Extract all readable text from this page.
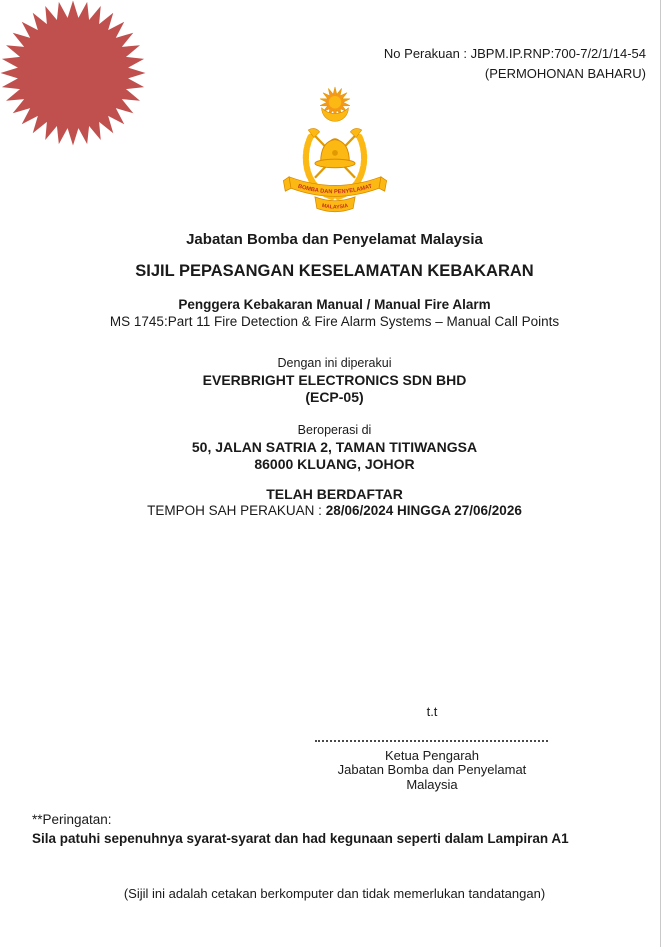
No Perakuan : JBPM.IP.RNP:700-7/2/1/14-54
(PERMOHONAN BAHARU)
BOMBA DAN PENYELAMAT
MALAYSIA
Jabatan Bomba dan Penyelamat Malaysia
SIJIL PEPASANGAN KESELAMATAN KEBAKARAN
Penggera Kebakaran Manual / Manual Fire Alarm
MS 1745:Part 11 Fire Detection & Fire Alarm Systems – Manual Call Points
Dengan ini diperakui
EVERBRIGHT ELECTRONICS SDN BHD
(ECP-05)
Beroperasi di
50, JALAN SATRIA 2, TAMAN TITIWANGSA
86000 KLUANG, JOHOR
TELAH BERDAFTAR
TEMPOH SAH PERAKUAN : 28/06/2024 HINGGA 27/06/2026
t.t
Ketua Pengarah
Jabatan Bomba dan Penyelamat Malaysia
**Peringatan:
Sila patuhi sepenuhnya syarat-syarat dan had kegunaan seperti dalam Lampiran A1
(Sijil ini adalah cetakan berkomputer dan tidak memerlukan tandatangan)
